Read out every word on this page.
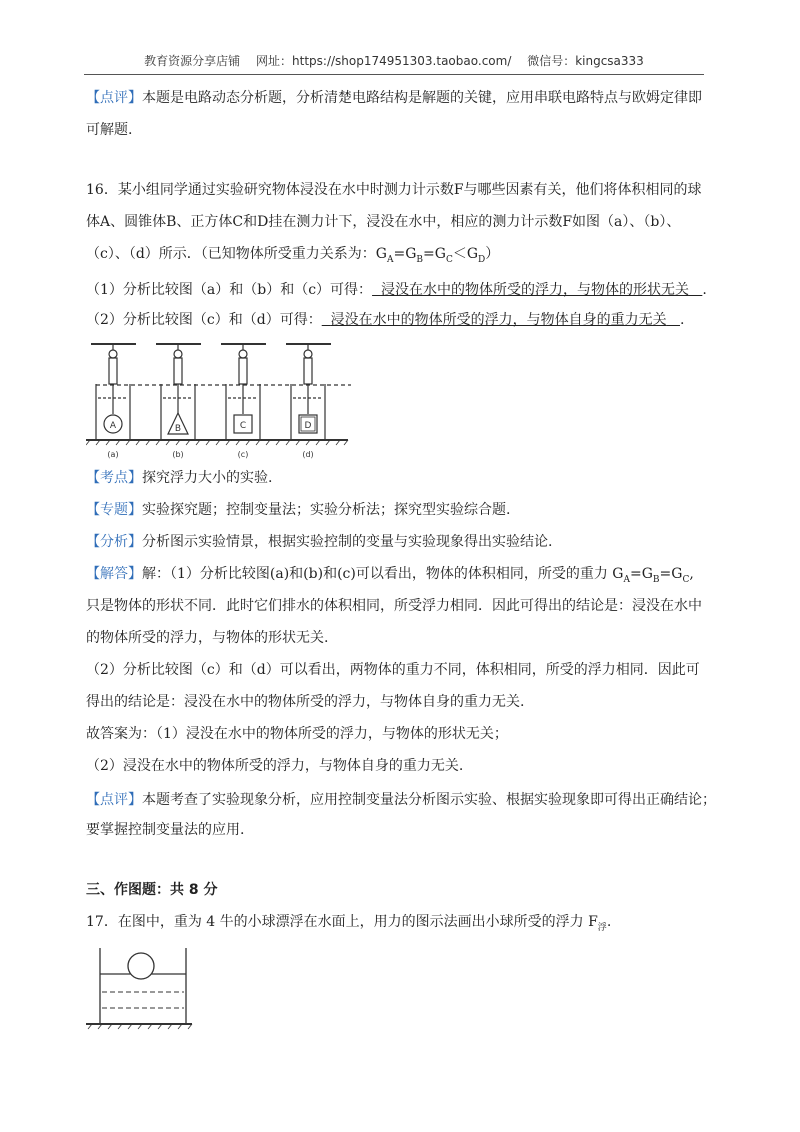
教育资源分享店铺 网址：https://shop174951303.taobao.com/ 微信号：kingcsa333
【点评】本题是电路动态分析题，分析清楚电路结构是解题的关键，应用串联电路特点与欧姆定律即
可解题.
16．某小组同学通过实验研究物体浸没在水中时测力计示数F与哪些因素有关，他们将体积相同的球
体A、圆锥体B、正方体C和D挂在测力计下，浸没在水中，相应的测力计示数F如图（a）、（b）、
（c）、（d）所示．（已知物体所受重力关系为：$G_A=G_B=G_C<G_D$）
（1）分析比较图（a）和（b）和（c）可得： 浸没在水中的物体所受的浮力，与物体的形状无关 .
（2）分析比较图（c）和（d）可得： 浸没在水中的物体所受的浮力，与物体自身的重力无关 .
A	B	C	D
(a)	(b)	(c)	(d)
【考点】探究浮力大小的实验.
【专题】实验探究题；控制变量法；实验分析法；探究型实验综合题.
【分析】分析图示实验情景，根据实验控制的变量与实验现象得出实验结论.
【解答】解：（1）分析比较图(a)和(b)和(c)可以看出，物体的体积相同，所受的重力 $G_A=G_B=G_C$,
只是物体的形状不同．此时它们排水的体积相同，所受浮力相同．因此可得出的结论是：浸没在水中
的物体所受的浮力，与物体的形状无关.
（2）分析比较图（c）和（d）可以看出，两物体的重力不同，体积相同，所受的浮力相同．因此可
得出的结论是：浸没在水中的物体所受的浮力，与物体自身的重力无关.
故答案为：（1）浸没在水中的物体所受的浮力，与物体的形状无关；
（2）浸没在水中的物体所受的浮力，与物体自身的重力无关.
【点评】本题考查了实验现象分析，应用控制变量法分析图示实验、根据实验现象即可得出正确结论；
要掌握控制变量法的应用.
三、作图题：共 8 分
17．在图中，重为 4 牛的小球漂浮在水面上，用力的图示法画出小球所受的浮力 $F_浮$.
